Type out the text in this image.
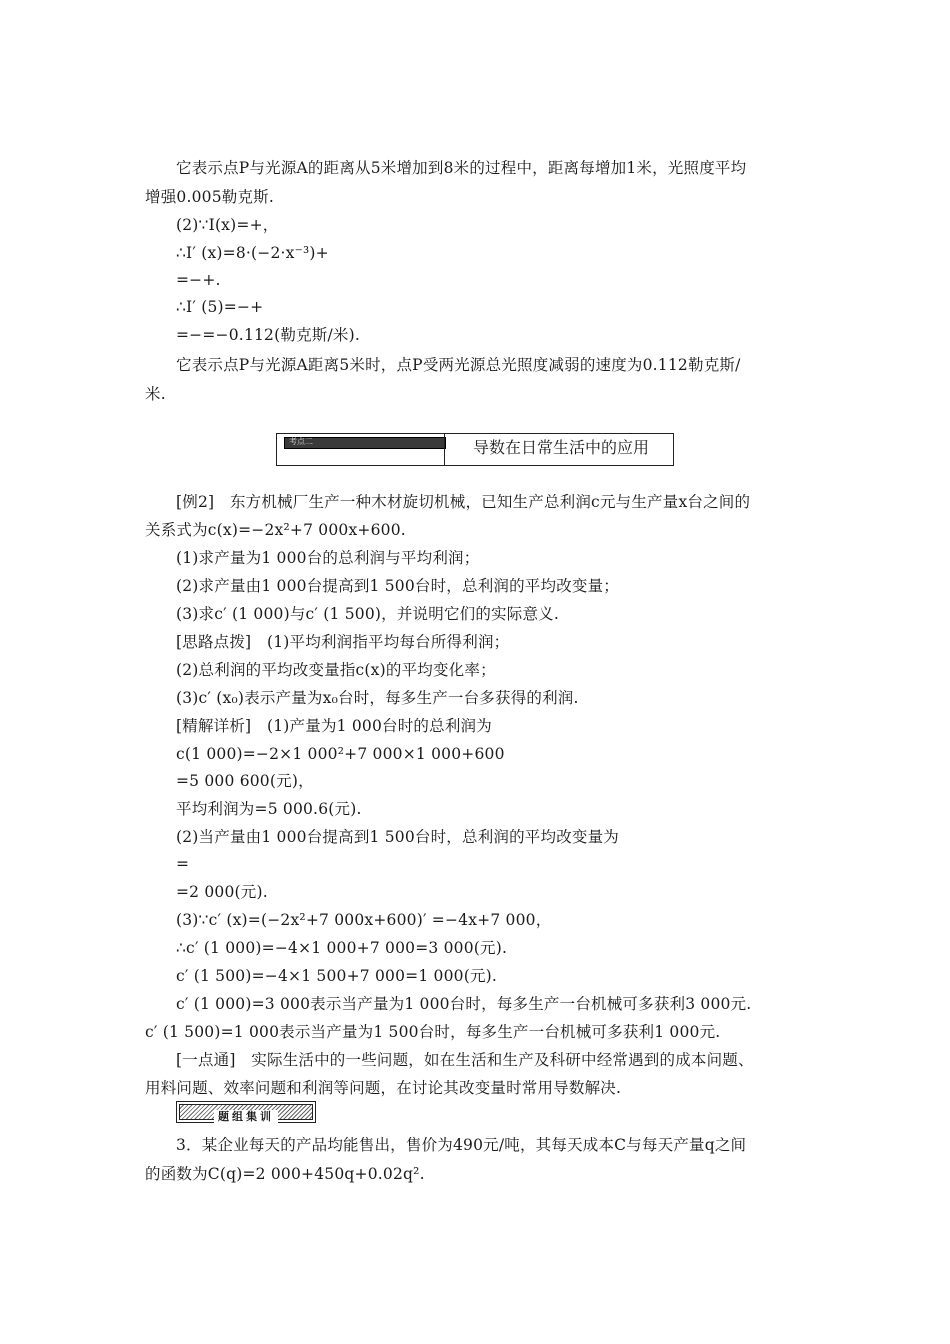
它表示点P与光源A的距离从5米增加到8米的过程中，距离每增加1米，光照度平均
增强0.005勒克斯.
(2)∵I(x)=+，
∴I′ (x)=8·(−2·x⁻³)+
=−+.
∴I′ (5)=−+
=−=−0.112(勒克斯/米).
它表示点P与光源A距离5米时，点P受两光源总光照度减弱的速度为0.112勒克斯/
米.
考点二	导数在日常生活中的应用
[例2]　东方机械厂生产一种木材旋切机械，已知生产总利润c元与生产量x台之间的
关系式为c(x)=−2x²+7 000x+600.
(1)求产量为1 000台的总利润与平均利润；
(2)求产量由1 000台提高到1 500台时，总利润的平均改变量；
(3)求c′ (1 000)与c′ (1 500)，并说明它们的实际意义.
[思路点拨]　(1)平均利润指平均每台所得利润；
(2)总利润的平均改变量指c(x)的平均变化率；
(3)c′ (x₀)表示产量为x₀台时，每多生产一台多获得的利润.
[精解详析]　(1)产量为1 000台时的总利润为
c(1 000)=−2×1 000²+7 000×1 000+600
=5 000 600(元)，
平均利润为=5 000.6(元).
(2)当产量由1 000台提高到1 500台时，总利润的平均改变量为
=
=2 000(元).
(3)∵c′ (x)=(−2x²+7 000x+600)′ =−4x+7 000，
∴c′ (1 000)=−4×1 000+7 000=3 000(元).
c′ (1 500)=−4×1 500+7 000=1 000(元).
c′ (1 000)=3 000表示当产量为1 000台时，每多生产一台机械可多获利3 000元.
c′ (1 500)=1 000表示当产量为1 500台时，每多生产一台机械可多获利1 000元.
[一点通]　实际生活中的一些问题，如在生活和生产及科研中经常遇到的成本问题、
用料问题、效率问题和利润等问题，在讨论其改变量时常用导数解决.
题组集训
3．某企业每天的产品均能售出，售价为490元/吨，其每天成本C与每天产量q之间
的函数为C(q)=2 000+450q+0.02q².
